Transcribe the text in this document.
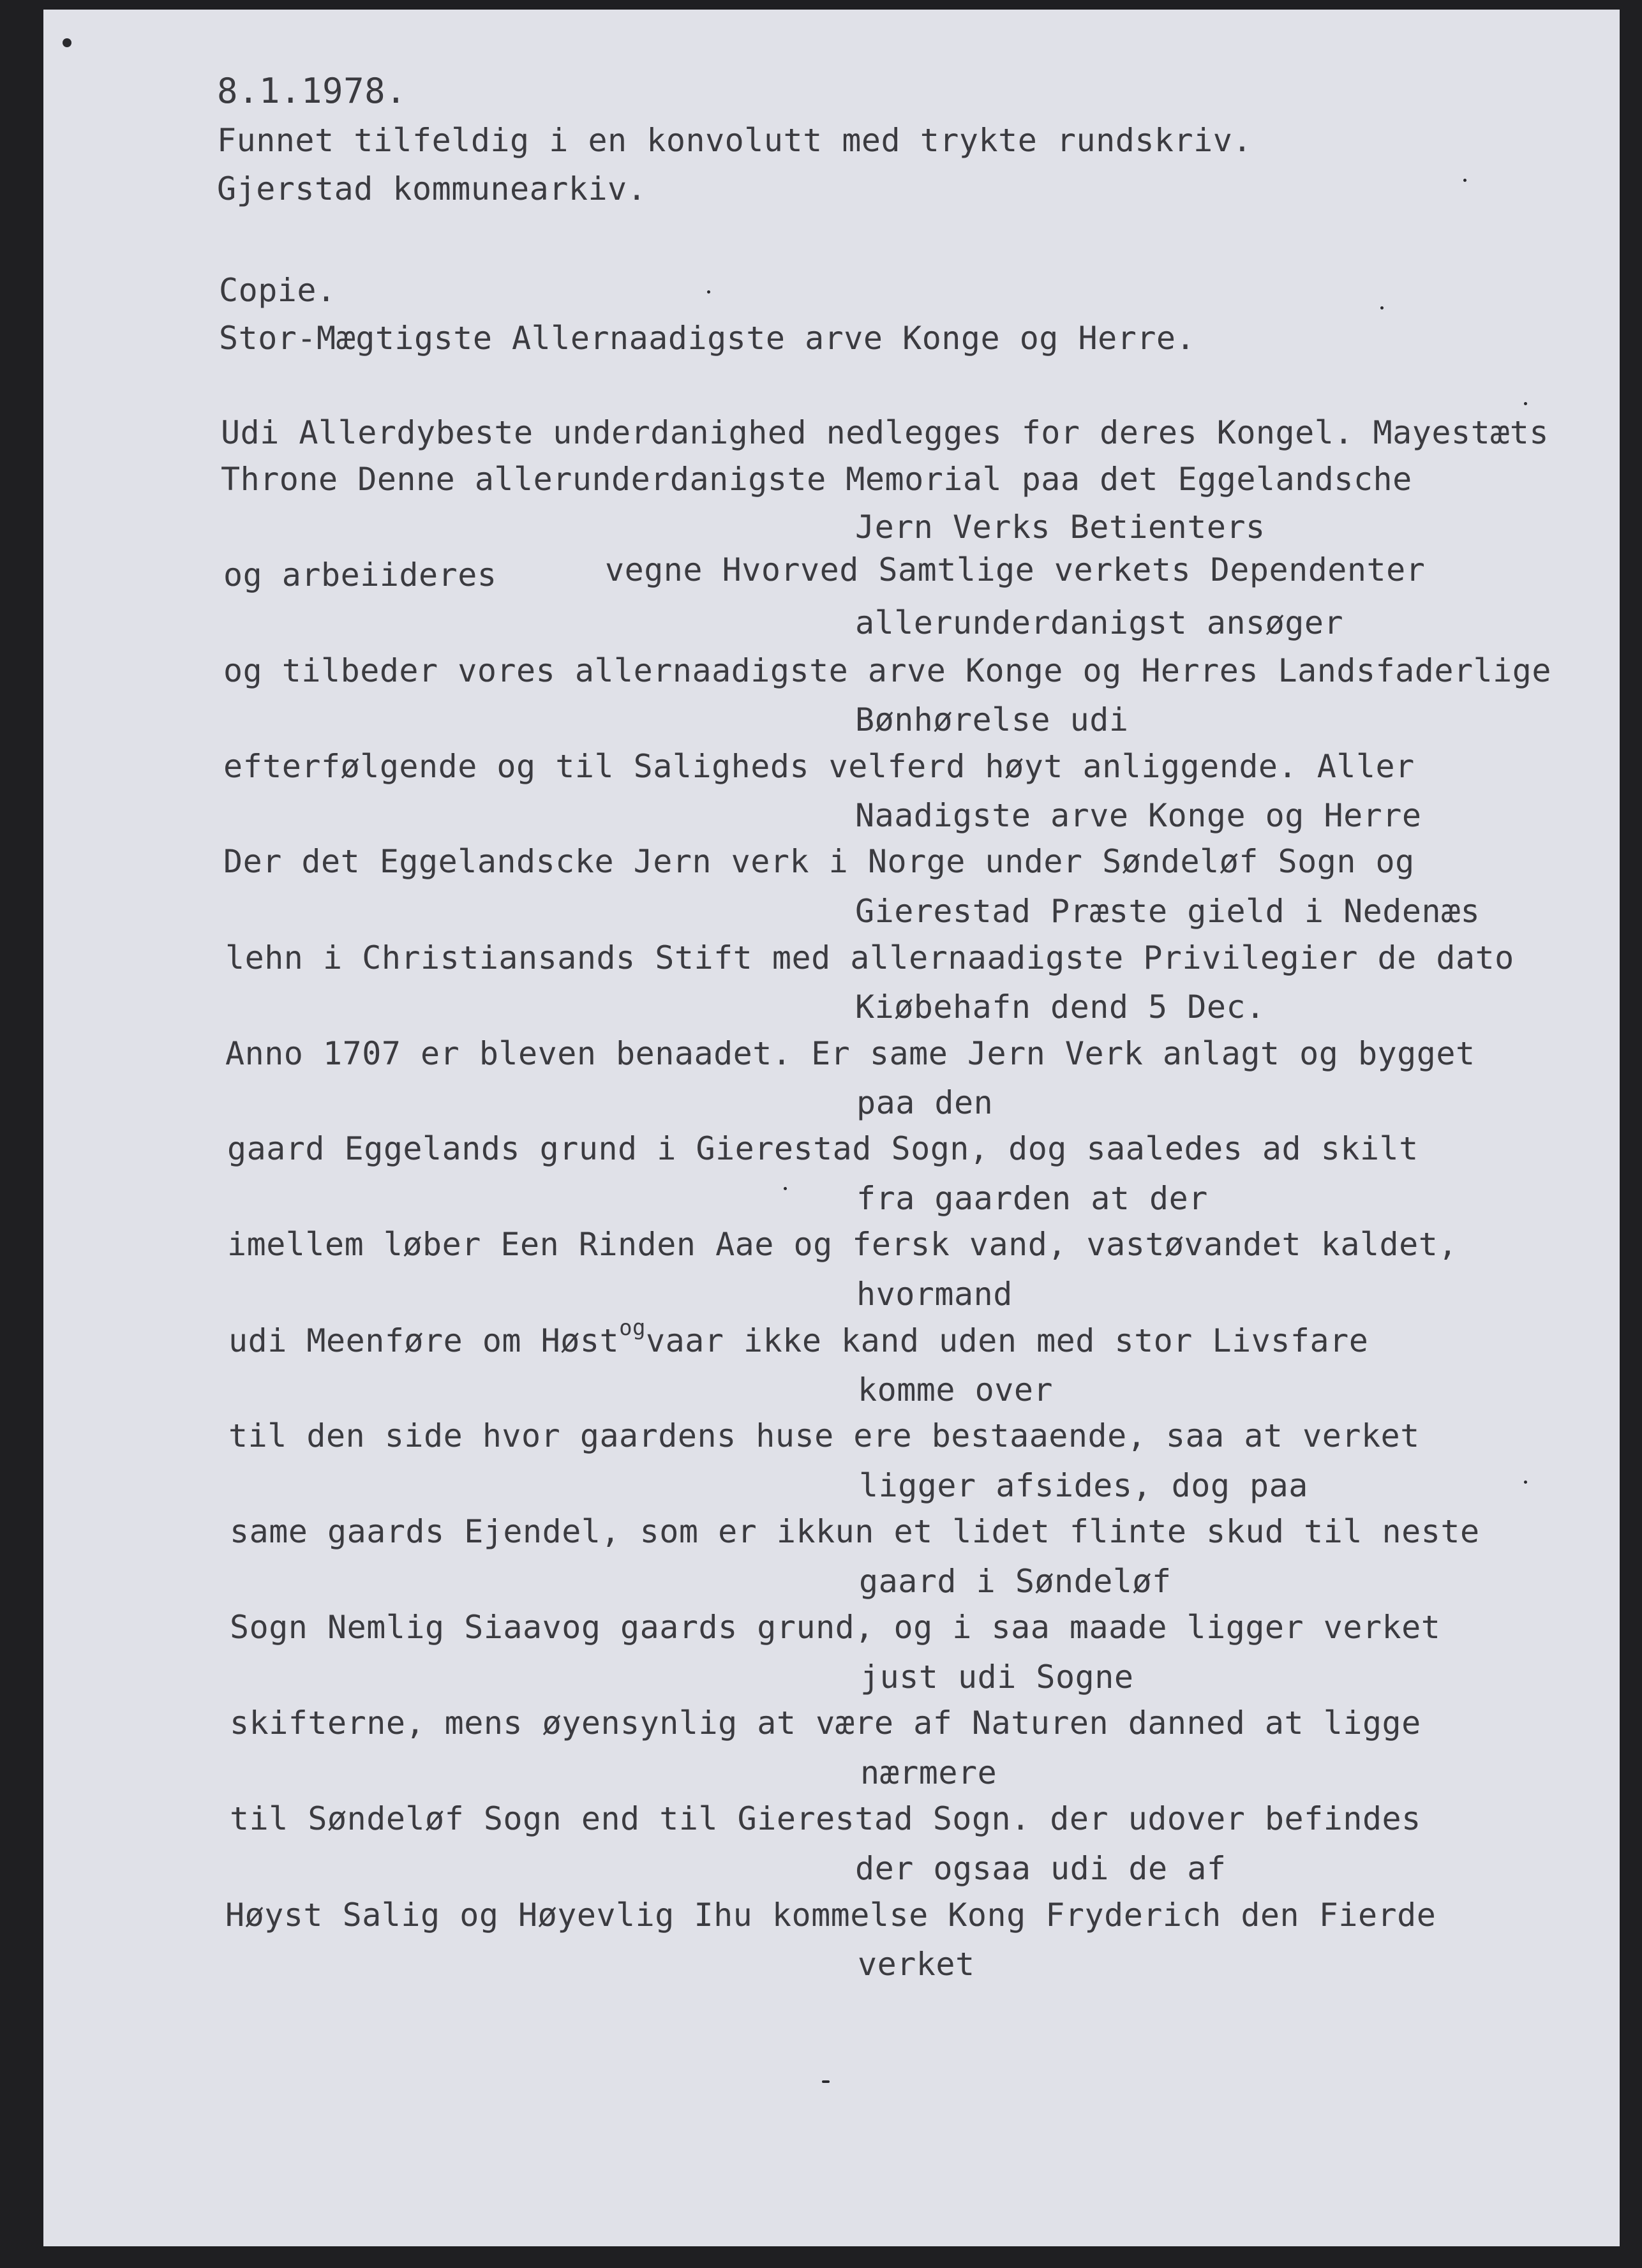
8.1.1978.
Funnet tilfeldig i en konvolutt med trykte rundskriv.
Gjerstad kommunearkiv.
Copie.
Stor-Mægtigste Allernaadigste arve Konge og Herre.
Udi Allerdybeste underdanighed nedlegges for deres Kongel. Mayestæts
Throne Denne allerunderdanigste Memorial paa det Eggelandsche
Jern Verks Betienters
og arbeiideres	vegne Hvorved Samtlige verkets Dependenter
allerunderdanigst ansøger
og tilbeder vores allernaadigste arve Konge og Herres Landsfaderlige
Bønhørelse udi
efterfølgende og til Saligheds velferd høyt anliggende. Aller
Naadigste arve Konge og Herre
Der det Eggelandscke Jern verk i Norge under Søndeløf Sogn og
Gierestad Præste gield i Nedenæs
lehn i Christiansands Stift med allernaadigste Privilegier de dato
Kiøbehafn dend 5 Dec.
Anno 1707 er bleven benaadet. Er same Jern Verk anlagt og bygget
paa den
gaard Eggelands grund i Gierestad Sogn, dog saaledes ad skilt
fra gaarden at der
imellem løber Een Rinden Aae og fersk vand, vastøvandet kaldet,
hvormand
udi Meenføre om Høst$^{og}$vaar ikke kand uden med stor Livsfare
komme over
til den side hvor gaardens huse ere bestaaende, saa at verket
ligger afsides, dog paa
same gaards Ejendel, som er ikkun et lidet flinte skud til neste
gaard i Søndeløf
Sogn Nemlig Siaavog gaards grund, og i saa maade ligger verket
just udi Sogne
skifterne, mens øyensynlig at være af Naturen danned at ligge
nærmere
til Søndeløf Sogn end til Gierestad Sogn. der udover befindes
der ogsaa udi de af
Høyst Salig og Høyevlig Ihu kommelse Kong Fryderich den Fierde
verket
